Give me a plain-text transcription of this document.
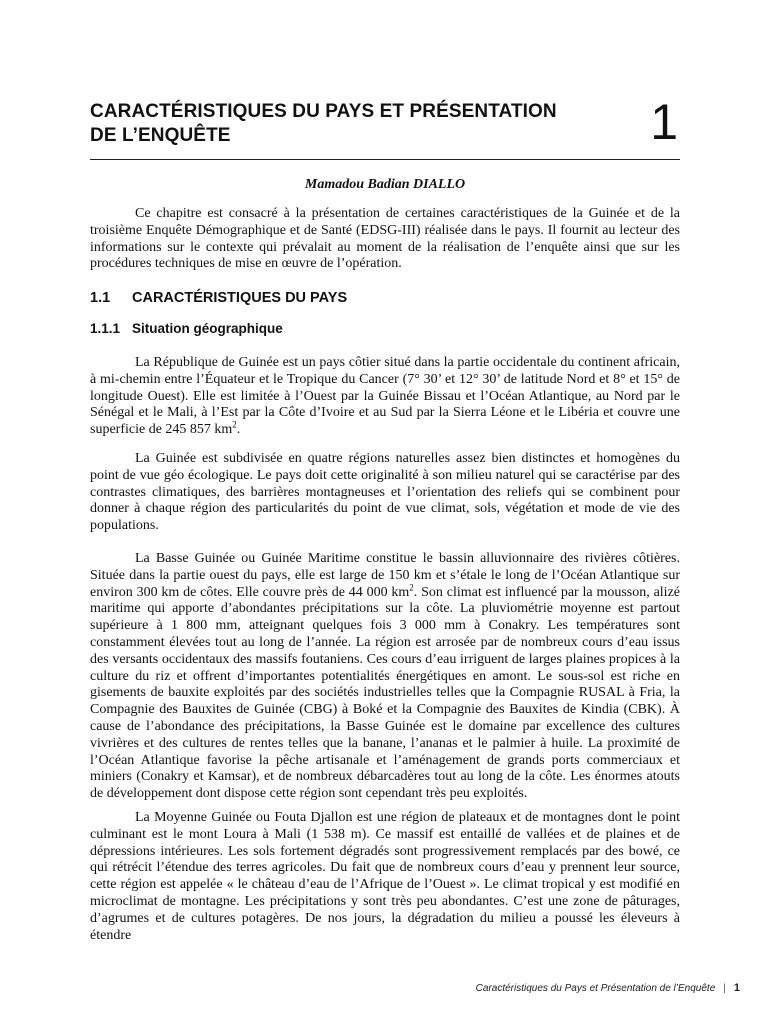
CARACTÉRISTIQUES DU PAYS ET PRÉSENTATION
DE L’ENQUÊTE	1
Mamadou Badian DIALLO

Ce chapitre est consacré à la présentation de certaines caractéristiques de la Guinée et de la troisième Enquête Démographique et de Santé (EDSG-III) réalisée dans le pays. Il fournit au lecteur des informations sur le contexte qui prévalait au moment de la réalisation de l’enquête ainsi que sur les procédures techniques de mise en œuvre de l’opération.

1.1 CARACTÉRISTIQUES DU PAYS
1.1.1 Situation géographique

La République de Guinée est un pays côtier situé dans la partie occidentale du continent africain, à mi-chemin entre l’Équateur et le Tropique du Cancer (7° 30’ et 12° 30’ de latitude Nord et 8° et 15° de longitude Ouest). Elle est limitée à l’Ouest par la Guinée Bissau et l’Océan Atlantique, au Nord par le Sénégal et le Mali, à l’Est par la Côte d’Ivoire et au Sud par la Sierra Léone et le Libéria et couvre une superficie de 245 857 $km^2$.

La Guinée est subdivisée en quatre régions naturelles assez bien distinctes et homogènes du point de vue géo écologique. Le pays doit cette originalité à son milieu naturel qui se caractérise par des contrastes climatiques, des barrières montagneuses et l’orientation des reliefs qui se combinent pour donner à chaque région des particularités du point de vue climat, sols, végétation et mode de vie des populations.

La Basse Guinée ou Guinée Maritime constitue le bassin alluvionnaire des rivières côtières. Située dans la partie ouest du pays, elle est large de 150 km et s’étale le long de l’Océan Atlantique sur environ 300 km de côtes. Elle couvre près de 44 000 $km^2$. Son climat est influencé par la mousson, alizé maritime qui apporte d’abondantes précipitations sur la côte. La pluviométrie moyenne est partout supérieure à 1 800 mm, atteignant quelques fois 3 000 mm à Conakry. Les températures sont constamment élevées tout au long de l’année. La région est arrosée par de nombreux cours d’eau issus des versants occidentaux des massifs foutaniens. Ces cours d’eau irriguent de larges plaines propices à la culture du riz et offrent d’importantes potentialités énergétiques en amont. Le sous-sol est riche en gisements de bauxite exploités par des sociétés industrielles telles que la Compagnie RUSAL à Fria, la Compagnie des Bauxites de Guinée (CBG) à Boké et la Compagnie des Bauxites de Kindia (CBK). À cause de l’abondance des précipitations, la Basse Guinée est le domaine par excellence des cultures vivrières et des cultures de rentes telles que la banane, l’ananas et le palmier à huile. La proximité de l’Océan Atlantique favorise la pêche artisanale et l’aménagement de grands ports commerciaux et miniers (Conakry et Kamsar), et de nombreux débarcadères tout au long de la côte. Les énormes atouts de développement dont dispose cette région sont cependant très peu exploités.

La Moyenne Guinée ou Fouta Djallon est une région de plateaux et de montagnes dont le point culminant est le mont Loura à Mali (1 538 m). Ce massif est entaillé de vallées et de plaines et de dépressions intérieures. Les sols fortement dégradés sont progressivement remplacés par des bowé, ce qui rétrécit l’étendue des terres agricoles. Du fait que de nombreux cours d’eau y prennent leur source, cette région est appelée « le château d’eau de l’Afrique de l’Ouest ». Le climat tropical y est modifié en microclimat de montagne. Les précipitations y sont très peu abondantes. C’est une zone de pâturages, d’agrumes et de cultures potagères. De nos jours, la dégradation du milieu a poussé les éleveurs à étendre

Caractéristiques du Pays et Présentation de l’Enquête | 1
